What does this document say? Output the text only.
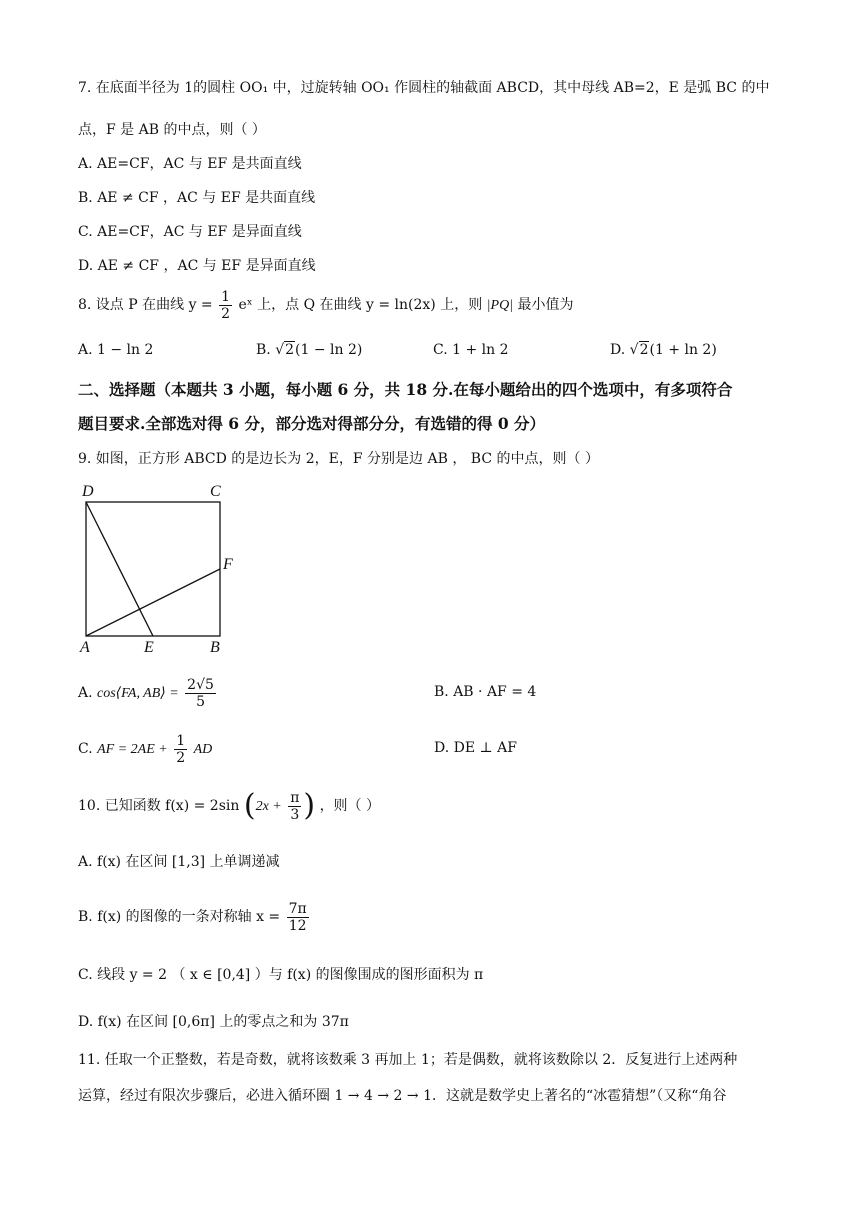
7. 在底面半径为 1的圆柱 OO₁ 中，过旋转轴 OO₁ 作圆柱的轴截面 ABCD，其中母线 AB=2，E 是弧 BC 的中
点，F 是 AB 的中点，则（ ）
A. AE=CF，AC 与 EF 是共面直线
B. AE ≠ CF ，AC 与 EF 是共面直线
C. AE=CF，AC 与 EF 是异面直线
D. AE ≠ CF ，AC 与 EF 是异面直线
8. 设点 P 在曲线 $y = \frac{1}{2}$ eˣ 上，点 Q 在曲线 y = ln(2x) 上，则 |PQ| 最小值为
A. 1 − ln 2	B. √2(1 − ln 2)	C. 1 + ln 2	D. √2(1 + ln 2)
二、选择题（本题共 3 小题，每小题 6 分，共 18 分.在每小题给出的四个选项中，有多项符合
题目要求.全部选对得 6 分，部分选对得部分分，有选错的得 0 分）
9. 如图，正方形 ABCD 的是边长为 2，E，F 分别是边 AB ， BC 的中点，则（ ）
D	C
F
A	E	B
A. cos⟨FA, AB⟩ = $\frac{2√5}{5}$	B. AB · AF = 4
C. AF = $2AE + \frac{1}{2}$ AD	D. DE ⊥ AF
10. 已知函数 f(x) = 2sin ($2x + \frac{\pi}{3}$ ) ，则（ ）
A. f(x) 在区间 [1,3] 上单调递减
B. f(x) 的图像的一条对称轴 $x = \frac{7\pi}{12}$
C. 线段 y = 2 （ x ∈ [0,4] ）与 f(x) 的图像围成的图形面积为 π
D. f(x) 在区间 [0,6π] 上的零点之和为 37π
11. 任取一个正整数，若是奇数，就将该数乘 3 再加上 1；若是偶数，就将该数除以 2．反复进行上述两种
运算，经过有限次步骤后，必进入循环圈 1 → 4 → 2 → 1．这就是数学史上著名的“冰雹猜想”（又称“角谷
